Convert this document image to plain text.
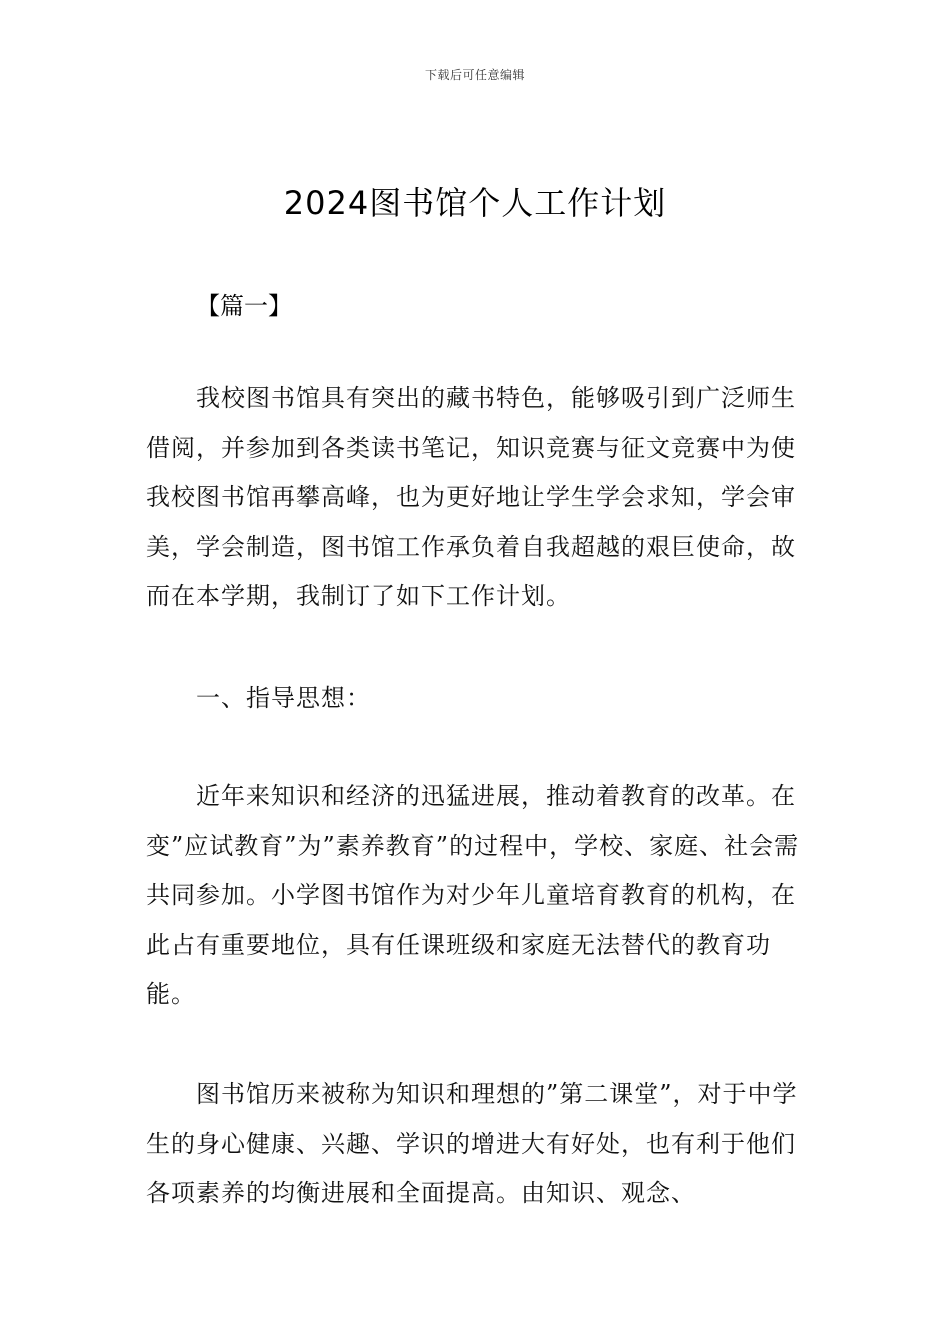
下载后可任意编辑
2024图书馆个人工作计划
【篇一】

我校图书馆具有突出的藏书特色，能够吸引到广泛师生借阅，并参加到各类读书笔记，知识竞赛与征文竞赛中为使我校图书馆再攀高峰，也为更好地让学生学会求知，学会审美，学会制造，图书馆工作承负着自我超越的艰巨使命，故而在本学期，我制订了如下工作计划。

一、指导思想：

近年来知识和经济的迅猛进展，推动着教育的改革。在变”应试教育”为”素养教育”的过程中，学校、家庭、社会需共同参加。小学图书馆作为对少年儿童培育教育的机构，在此占有重要地位，具有任课班级和家庭无法替代的教育功能。

图书馆历来被称为知识和理想的”第二课堂”，对于中学生的身心健康、兴趣、学识的增进大有好处，也有利于他们各项素养的均衡进展和全面提高。由知识、观念、
